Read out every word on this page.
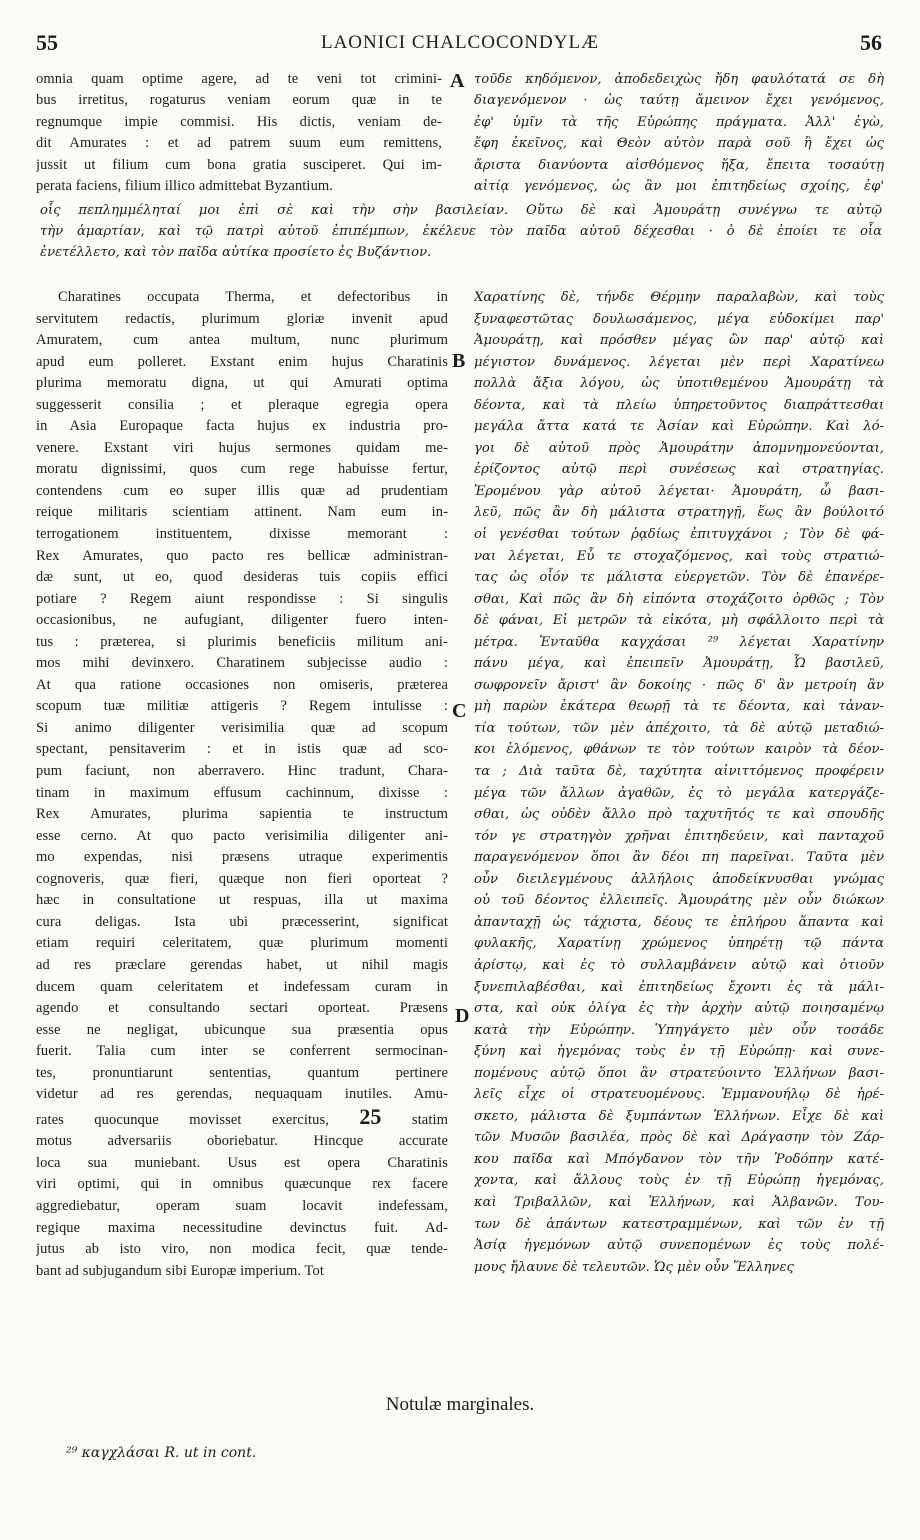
55	LAONICI CHALCOCONDYLÆ	56
omnia quam optime agere, ad te veni tot crimini-
bus irretitus, rogaturus veniam eorum quæ in te
regnumque impie commisi. His dictis, veniam de-
dit Amurates : et ad patrem suum eum remittens,
jussit ut filium cum bona gratia susciperet. Qui im-
perata faciens, filium illico admittebat Byzantium.
A τοῦδε κηδόμενον, ἀποδεδειχὼς ἤδη φαυλότατά σε δὴ
διαγενόμενον · ὡς ταύτῃ ἄμεινον ἔχει γενόμενος,
ἐφ' ὑμῖν τὰ τῆς Εὐρώπης πράγματα. Ἀλλ' ἐγὼ,
ἔφη ἐκεῖνος, καὶ Θεὸν αὐτὸν παρὰ σοῦ ἢ ἔχει ὡς
ἄριστα διανύοντα αἰσθόμενος ἥξα, ἔπειτα τοσαύτῃ
αἰτίᾳ γενόμενος, ὡς ἂν μοι ἐπιτηδείως σχοίης, ἐφ'
οἷς πεπλημμέληταί μοι ἐπὶ σὲ καὶ τὴν σὴν βασιλείαν. Οὕτω δὲ καὶ Ἀμουράτῃ συνέγνω τε αὐτῷ
τὴν ἁμαρτίαν, καὶ τῷ πατρὶ αὐτοῦ ἐπιπέμπων, ἐκέλευε τὸν παῖδα αὐτοῦ δέχεσθαι · ὁ δὲ ἐποίει τε οἷα
ἐνετέλλετο, καὶ τὸν παῖδα αὐτίκα προσίετο ἐς Βυζάντιον.
Charatines occupata Therma, et defectoribus in
servitutem redactis, plurimum gloriæ invenit apud
Amuratem, cum antea multum, nunc plurimum
apud eum polleret. Exstant enim hujus Charatinis
plurima memoratu digna, ut qui Amurati optima
suggesserit consilia ; et pleraque egregia opera
in Asia Europaque facta hujus ex industria pro-
venere. Exstant viri hujus sermones quidam me-
moratu dignissimi, quos cum rege habuisse fertur,
contendens cum eo super illis quæ ad prudentiam
reique militaris scientiam attinent. Nam eum in-
terrogationem instituentem, dixisse memorant :
Rex Amurates, quo pacto res bellicæ administran-
dæ sunt, ut eo, quod desideras tuis copiis effici
potiare ? Regem aiunt respondisse : Si singulis
occasionibus, ne aufugiant, diligenter fuero inten-
tus : præterea, si plurimis beneficiis militum ani-
mos mihi devinxero. Charatinem subjecisse audio :
At qua ratione occasiones non omiseris, præterea
scopum tuæ militiæ attigeris ? Regem intulisse :
Si animo diligenter verisimilia quæ ad scopum
spectant, pensitaverim : et in istis quæ ad sco-
pum faciunt, non aberravero. Hinc tradunt, Chara-
tinam in maximum effusum cachinnum, dixisse :
Rex Amurates, plurima sapientia te instructum
esse cerno. At quo pacto verisimilia diligenter ani-
mo expendas, nisi præsens utraque experimentis
cognoveris, quæ fieri, quæque non fieri oporteat ?
hæc in consultatione ut respuas, illa ut maxima
cura deligas. Ista ubi præcesserint, significat
etiam requiri celeritatem, quæ plurimum momenti
ad res præclare gerendas habet, ut nihil magis
ducem quam celeritatem et indefessam curam in
agendo et consultando sectari oporteat. Præsens
esse ne negligat, ubicunque sua præsentia opus
fuerit. Talia cum inter se conferrent sermocinan-
tes, pronuntiarunt sententias, quantum pertinere
videtur ad res gerendas, nequaquam inutiles. Amu-
rates quocunque movisset exercitus, 25 statim
motus adversariis oboriebatur. Hincque accurate
loca sua muniebant. Usus est opera Charatinis
viri optimi, qui in omnibus quæcunque rex facere
aggrediebatur, operam suam locavit indefessam,
regique maxima necessitudine devinctus fuit. Ad-
jutus ab isto viro, non modica fecit, quæ tende-
bant ad subjugandum sibi Europæ imperium. Tot
Χαρατίνης δὲ, τήνδε Θέρμην παραλαβὼν, καὶ τοὺς
ξυναφεστῶτας δουλωσάμενος, μέγα εὐδοκίμει παρ'
Ἀμουράτῃ, καὶ πρόσθεν μέγας ὢν παρ' αὐτῷ καὶ
μέγιστον δυνάμενος. λέγεται μὲν περὶ Χαρατίνεω
πολλὰ ἄξια λόγου, ὡς ὑποτιθεμένου Ἀμουράτῃ τὰ
δέοντα, καὶ τὰ πλείω ὑπηρετοῦντος διαπράττεσθαι
μεγάλα ἄττα κατά τε Ἀσίαν καὶ Εὐρώπην. Καὶ λό-
γοι δὲ αὐτοῦ πρὸς Ἀμουράτην ἀπομνημονεύονται,
ἐρίζοντος αὐτῷ περὶ συνέσεως καὶ στρατηγίας.
Ἐρομένου γὰρ αὐτοῦ λέγεται· Ἀμουράτη, ὦ βασι-
λεῦ, πῶς ἂν δὴ μάλιστα στρατηγῇ, ἕως ἂν βούλοιτό
οἱ γενέσθαι τούτων ῥᾳδίως ἐπιτυγχάνοι ; Τὸν δὲ φά-
ναι λέγεται, Εὖ τε στοχαζόμενος, καὶ τοὺς στρατιώ-
τας ὡς οἷόν τε μάλιστα εὐεργετῶν. Τὸν δὲ ἐπανέρε-
σθαι, Καὶ πῶς ἂν δὴ εἰπόντα στοχάζοιτο ὀρθῶς ; Τὸν
δὲ φάναι, Εἰ μετρῶν τὰ εἰκότα, μὴ σφάλλοιτο περὶ τὰ
μέτρα. Ἐνταῦθα καγχάσαι ²⁹ λέγεται Χαρατίνην
πάνυ μέγα, καὶ ἐπειπεῖν Ἀμουράτῃ, Ὦ βασιλεῦ,
σωφρονεῖν ἄριστ' ἂν δοκοίης · πῶς δ' ἂν μετροίη ἂν
μὴ παρὼν ἑκάτερα θεωρῇ τὰ τε δέοντα, καὶ τἀναν-
τία τούτων, τῶν μὲν ἀπέχοιτο, τὰ δὲ αὐτῷ μεταδιώ-
κοι ἑλόμενος, φθάνων τε τὸν τούτων καιρὸν τὰ δέον-
τα ; Διὰ ταῦτα δὲ, ταχύτητα αἰνιττόμενος προφέρειν
μέγα τῶν ἄλλων ἀγαθῶν, ἐς τὸ μεγάλα κατεργάζε-
σθαι, ὡς οὐδὲν ἄλλο πρὸ ταχυτῆτός τε καὶ σπουδῆς
τόν γε στρατηγὸν χρῆναι ἐπιτηδεύειν, καὶ πανταχοῦ
παραγενόμενον ὅποι ἂν δέοι πη παρεῖναι. Ταῦτα μὲν
οὖν διειλεγμένους ἀλλήλοις ἀποδείκνυσθαι γνώμας
οὐ τοῦ δέοντος ἐλλειπεῖς. Ἀμουράτης μὲν οὖν διώκων
ἀπανταχῇ ὡς τάχιστα, δέους τε ἐπλήρου ἅπαντα καὶ
φυλακῆς, Χαρατίνῃ χρώμενος ὑπηρέτῃ τῷ πάντα
ἀρίστῳ, καὶ ἐς τὸ συλλαμβάνειν αὐτῷ καὶ ὁτιοῦν
ξυνεπιλαβέσθαι, καὶ ἐπιτηδείως ἔχοντι ἐς τὰ μάλι-
στα, καὶ οὐκ ὀλίγα ἐς τὴν ἀρχὴν αὐτῷ ποιησαμένῳ
κατὰ τὴν Εὐρώπην. Ὑπηγάγετο μὲν οὖν τοσάδε
ξύνη καὶ ἡγεμόνας τοὺς ἐν τῇ Εὐρώπῃ· καὶ συνε-
πομένους αὐτῷ ὅποι ἂν στρατεύοιντο Ἑλλήνων βασι-
λεῖς εἶχε οἱ στρατευομένους. Ἐμμανουήλῳ δὲ ἠρέ-
σκετο, μάλιστα δὲ ξυμπάντων Ἑλλήνων. Εἶχε δὲ καὶ
τῶν Μυσῶν βασιλέα, πρὸς δὲ καὶ Δράγασην τὸν Ζάρ-
κου παῖδα καὶ Μπόγδανον τὸν τῆν Ῥοδόπην κατέ-
χοντα, καὶ ἄλλους τοὺς ἐν τῇ Εὐρώπῃ ἡγεμόνας,
καὶ Τριβαλλῶν, καὶ Ἑλλήνων, καὶ Ἀλβανῶν. Του-
των δὲ ἁπάντων κατεστραμμένων, καὶ τῶν ἐν τῇ
Ἀσίᾳ ἡγεμόνων αὐτῷ συνεπομένων ἐς τοὺς πολέ-
μους ἤλαυνε δὲ τελευτῶν. Ὡς μὲν οὖν Ἕλληνες
B
C
D
Notulæ marginales.
²⁹ καγχλάσαι R. ut in cont.
